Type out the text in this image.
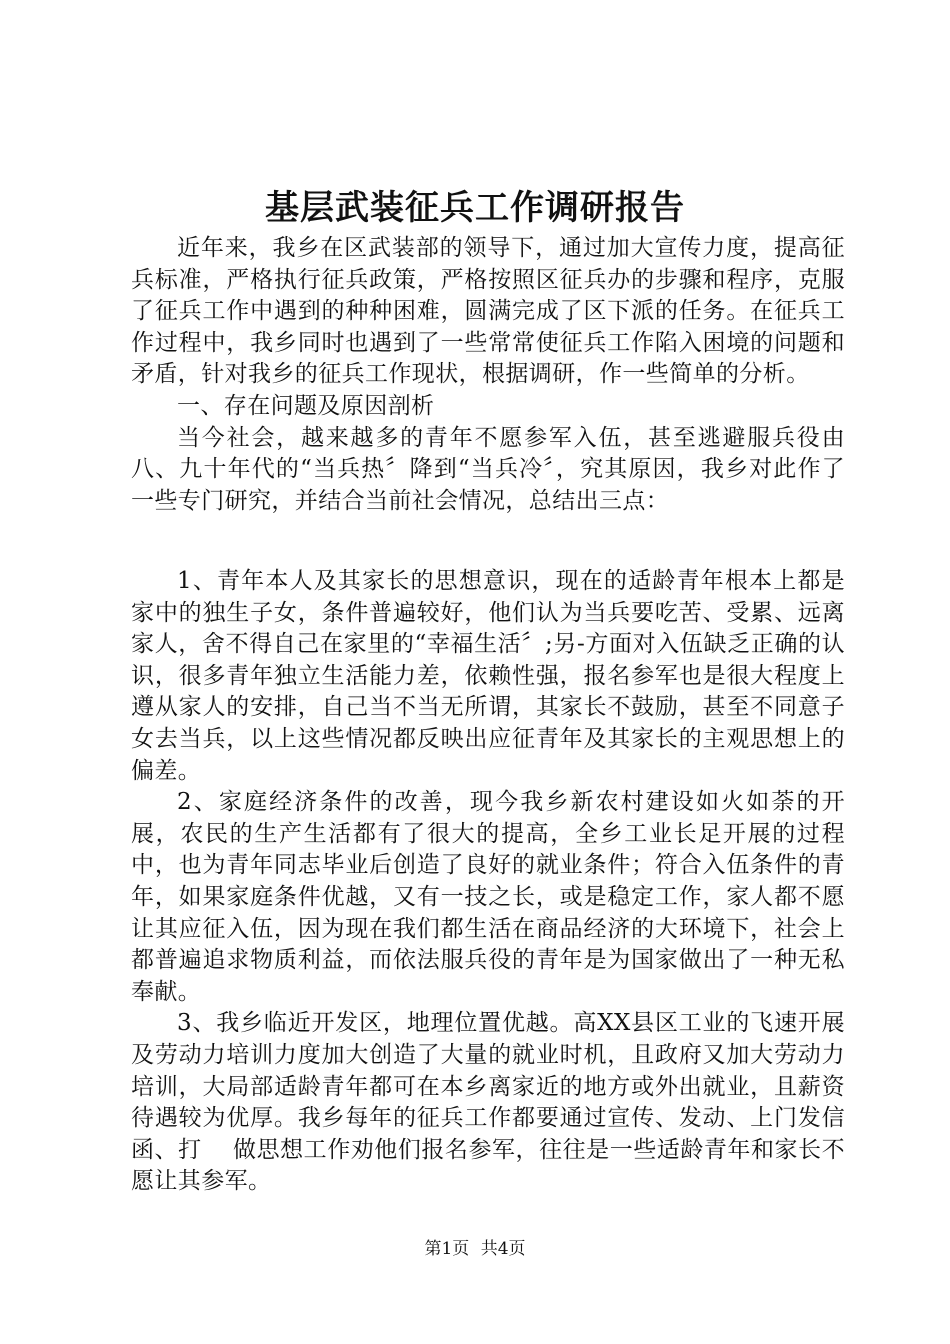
基层武装征兵工作调研报告

近年来，我乡在区武装部的领导下，通过加大宣传力度，提高征兵标准，严格执行征兵政策，严格按照区征兵办的步骤和程序，克服了征兵工作中遇到的种种困难，圆满完成了区下派的任务。在征兵工作过程中，我乡同时也遇到了一些常常使征兵工作陷入困境的问题和矛盾，针对我乡的征兵工作现状，根据调研，作一些简单的分析。

一、存在问题及原因剖析

当今社会，越来越多的青年不愿参军入伍，甚至逃避服兵役由八、九十年代的“当兵热〞降到“当兵冷〞，究其原因，我乡对此作了一些专门研究，并结合当前社会情况，总结出三点：

1、青年本人及其家长的思想意识，现在的适龄青年根本上都是家中的独生子女，条件普遍较好，他们认为当兵要吃苦、受累、远离家人，舍不得自己在家里的“幸福生活〞;另-方面对入伍缺乏正确的认识，很多青年独立生活能力差，依赖性强，报名参军也是很大程度上遵从家人的安排，自己当不当无所谓，其家长不鼓励，甚至不同意子女去当兵，以上这些情况都反映出应征青年及其家长的主观思想上的偏差。

2、家庭经济条件的改善，现今我乡新农村建设如火如荼的开展，农民的生产生活都有了很大的提高，全乡工业长足开展的过程中，也为青年同志毕业后创造了良好的就业条件；符合入伍条件的青年，如果家庭条件优越，又有一技之长，或是稳定工作，家人都不愿让其应征入伍，因为现在我们都生活在商品经济的大环境下，社会上都普遍追求物质利益，而依法服兵役的青年是为国家做出了一种无私奉献。

3、我乡临近开发区，地理位置优越。高XX县区工业的飞速开展及劳动力培训力度加大创造了大量的就业时机，且政府又加大劳动力培训，大局部适龄青年都可在本乡离家近的地方或外出就业，且薪资待遇较为优厚。我乡每年的征兵工作都要通过宣传、发动、上门发信函、打　 做思想工作劝他们报名参军，往往是一些适龄青年和家长不愿让其参军。

第1页 共4页
